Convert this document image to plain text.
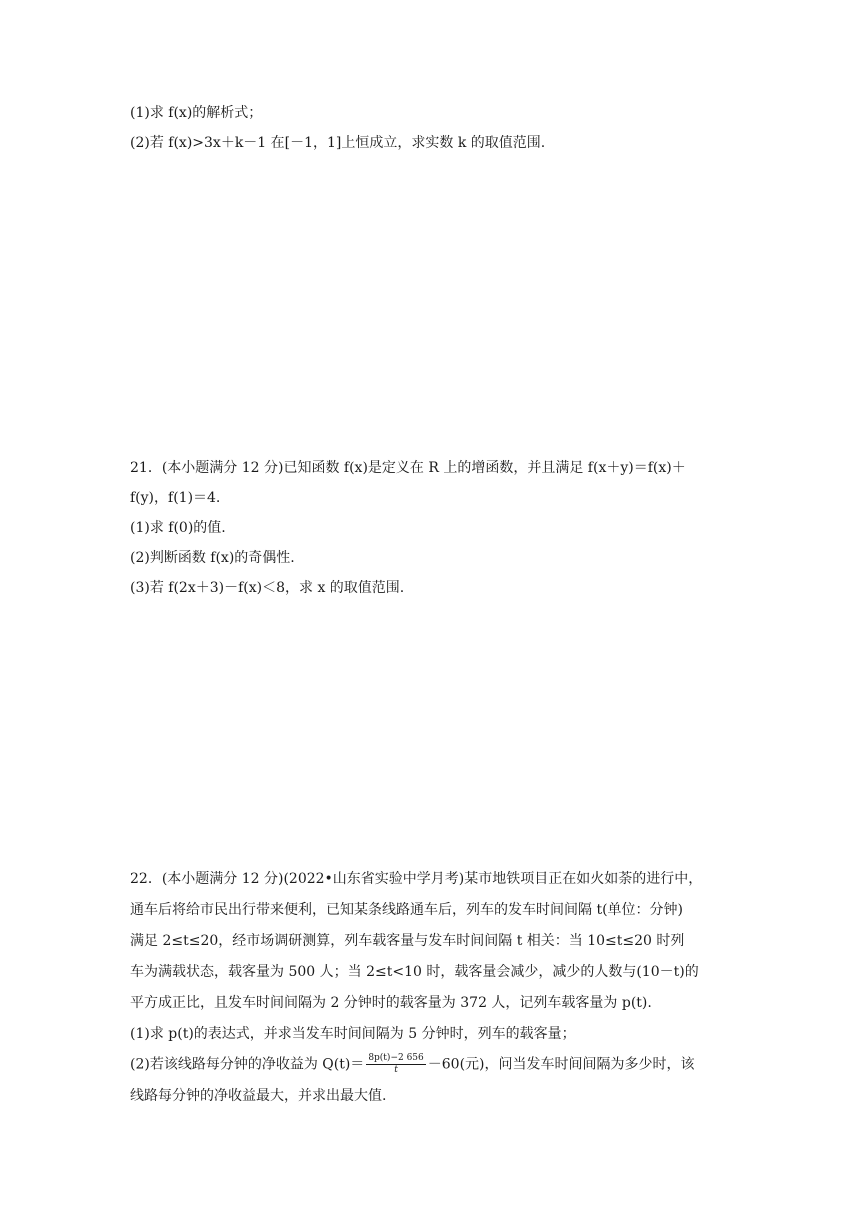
(1)求 f(x)的解析式；
(2)若 f(x)>3x＋k－1 在[－1，1]上恒成立，求实数 k 的取值范围.
21．(本小题满分 12 分)已知函数 f(x)是定义在 R 上的增函数，并且满足 f(x＋y)＝f(x)＋
f(y)，f(1)＝4.
(1)求 f(0)的值.
(2)判断函数 f(x)的奇偶性.
(3)若 f(2x＋3)－f(x)＜8，求 x 的取值范围.
22．(本小题满分 12 分)(2022•山东省实验中学月考)某市地铁项目正在如火如荼的进行中，
通车后将给市民出行带来便利，已知某条线路通车后，列车的发车时间间隔 t(单位：分钟)
满足 2≤t≤20，经市场调研测算，列车载客量与发车时间间隔 t 相关：当 10≤t≤20 时列
车为满载状态，载客量为 500 人；当 2≤t<10 时，载客量会减少，减少的人数与(10－t)的
平方成正比，且发车时间间隔为 2 分钟时的载客量为 372 人，记列车载客量为 p(t).
(1)求 p(t)的表达式，并求当发车时间间隔为 5 分钟时，列车的载客量；
(2)若该线路每分钟的净收益为 $Q(t)= \frac{8p(t)-2 656}{t} -60$(元)，问当发车时间间隔为多少时，该
线路每分钟的净收益最大，并求出最大值.
